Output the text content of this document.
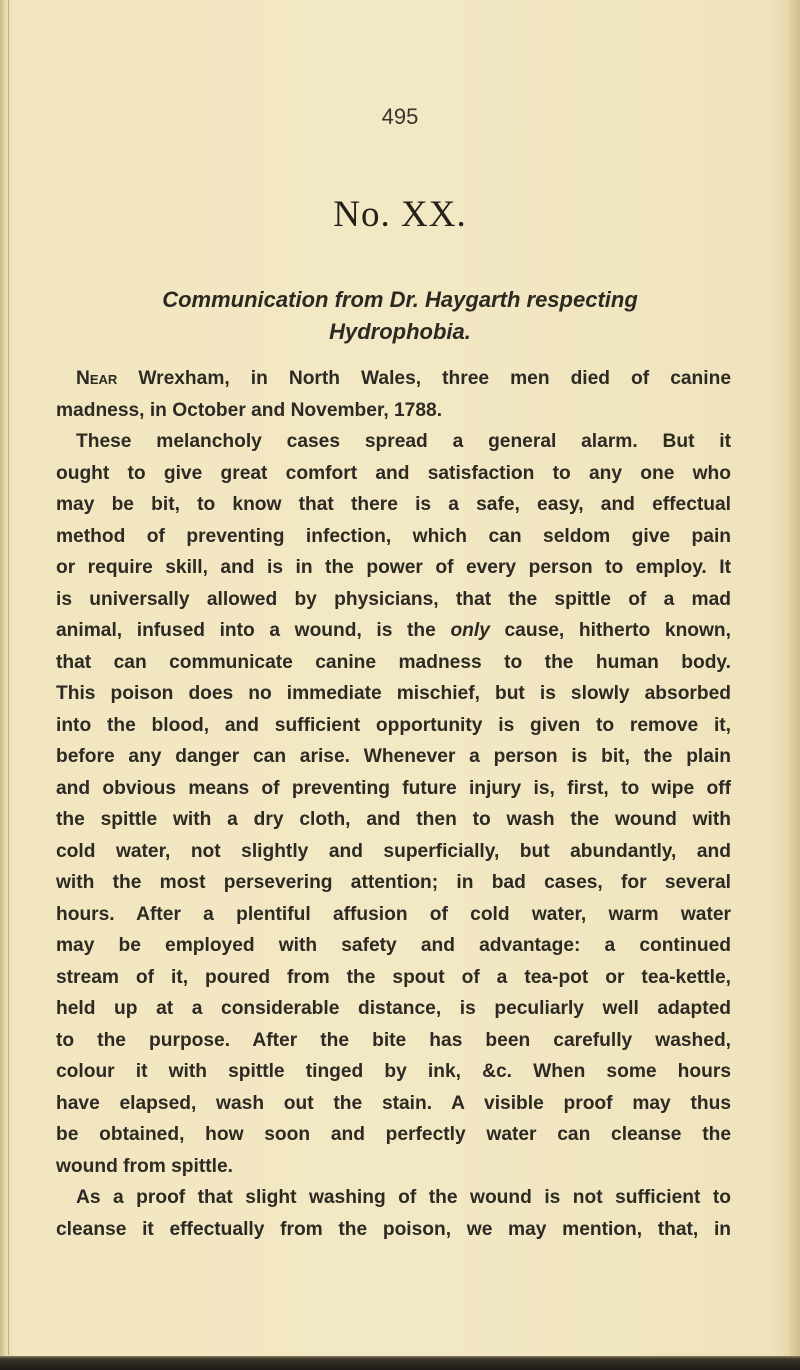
495
No. XX.
Communication from Dr. Haygarth respecting
Hydrophobia.
Near Wrexham, in North Wales, three men died of canine
madness, in October and November, 1788.
These melancholy cases spread a general alarm. But it
ought to give great comfort and satisfaction to any one who
may be bit, to know that there is a safe, easy, and effectual
method of preventing infection, which can seldom give pain
or require skill, and is in the power of every person to employ. It
is universally allowed by physicians, that the spittle of a mad
animal, infused into a wound, is the only cause, hitherto known,
that can communicate canine madness to the human body.
This poison does no immediate mischief, but is slowly absorbed
into the blood, and sufficient opportunity is given to remove it,
before any danger can arise. Whenever a person is bit, the plain
and obvious means of preventing future injury is, first, to wipe off
the spittle with a dry cloth, and then to wash the wound with
cold water, not slightly and superficially, but abundantly, and
with the most persevering attention; in bad cases, for several
hours. After a plentiful affusion of cold water, warm water
may be employed with safety and advantage: a continued
stream of it, poured from the spout of a tea-pot or tea-kettle,
held up at a considerable distance, is peculiarly well adapted
to the purpose. After the bite has been carefully washed,
colour it with spittle tinged by ink, &c. When some hours
have elapsed, wash out the stain. A visible proof may thus
be obtained, how soon and perfectly water can cleanse the
wound from spittle.
As a proof that slight washing of the wound is not sufficient to
cleanse it effectually from the poison, we may mention, that, in
